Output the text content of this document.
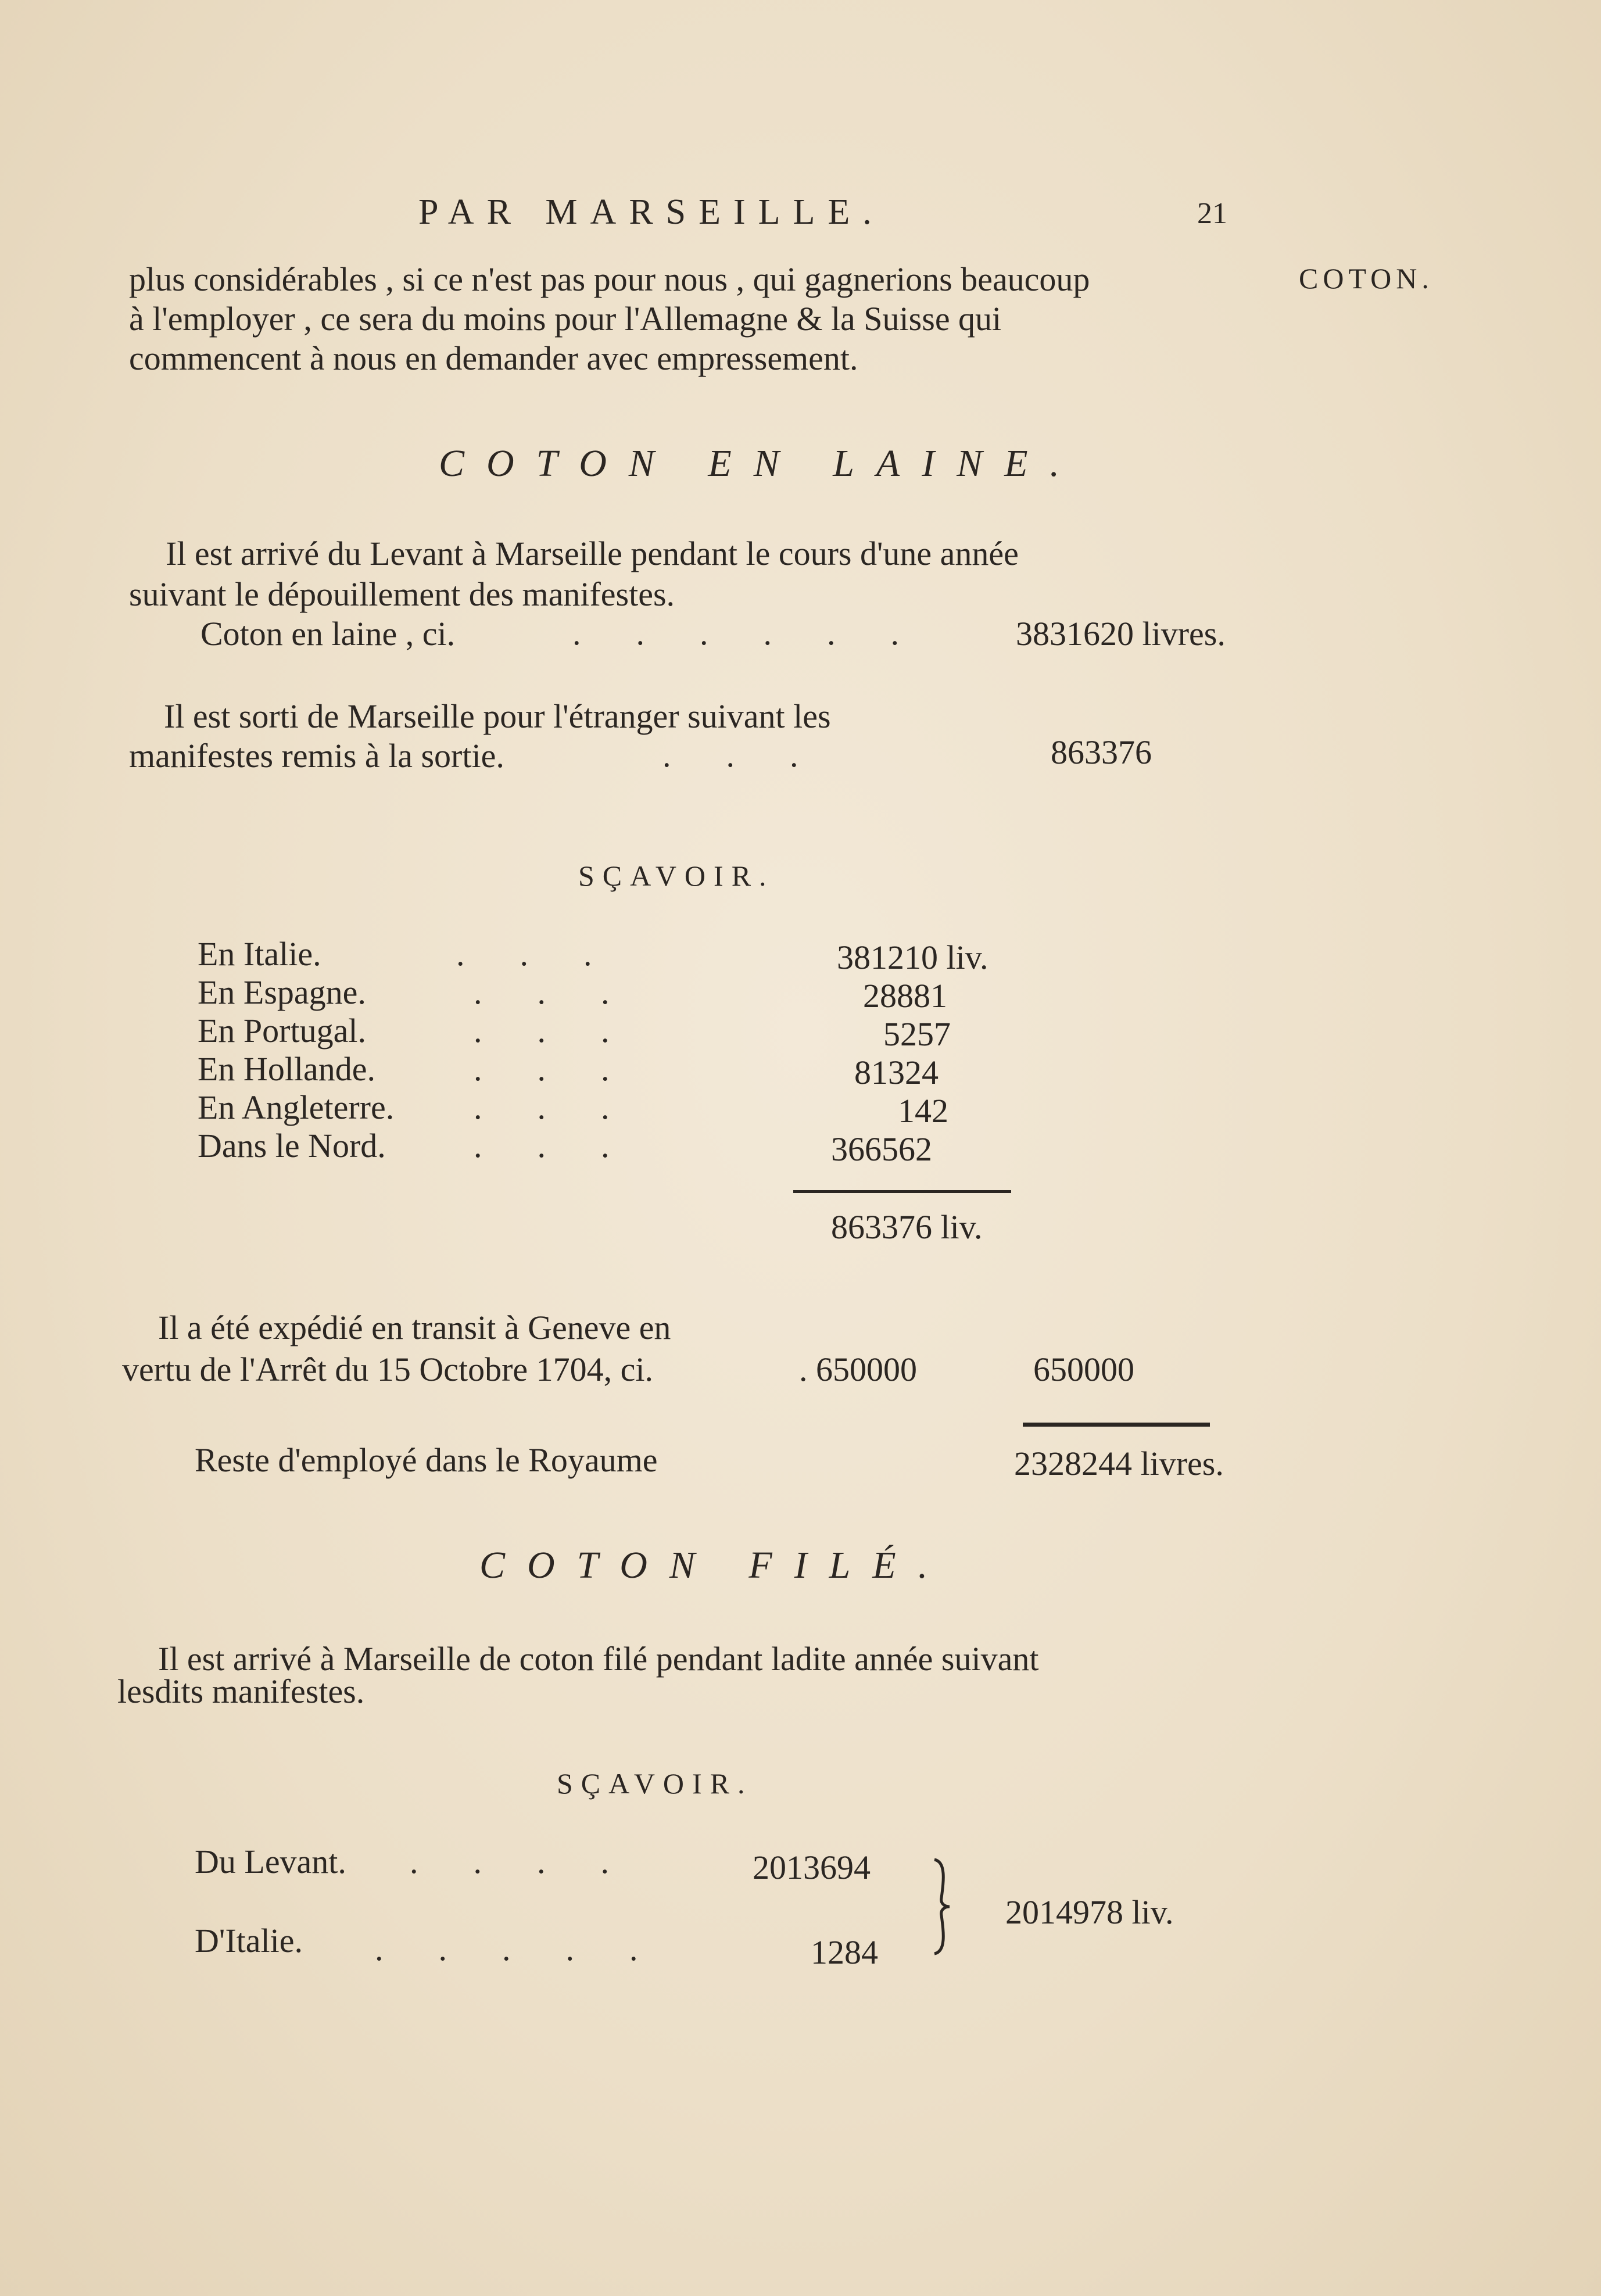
PAR MARSEILLE.	21
COTON.
plus considérables , si ce n'est pas pour nous , qui gagnerions beaucoup
à l'employer , ce sera du moins pour l'Allemagne & la Suisse qui
commencent à nous en demander avec empressement.
COTON EN LAINE.
Il est arrivé du Levant à Marseille pendant le cours d'une année
suivant le dépouillement des manifestes.
Coton en laine , ci.	...... 3831620 livres.
Il est sorti de Marseille pour l'étranger suivant les
manifestes remis à la sortie.	...	863376
SÇAVOIR.
En Italie.	...	381210 liv.
En Espagne.	...	28881
En Portugal.	...	5257
En Hollande.	...	81324
En Angleterre. ...	142
Dans le Nord.	...	366562
863376 liv.
Il a été expédié en transit à Geneve en
vertu de l'Arrêt du 15 Octobre 1704, ci.	. 650000	650000
Reste d'employé dans le Royaume	2328244 livres.
COTON FILÉ.
Il est arrivé à Marseille de coton filé pendant ladite année suivant
lesdits manifestes.
SÇAVOIR.
Du Levant. ....	2013694
D'Italie. .....	1284
2014978 liv.
